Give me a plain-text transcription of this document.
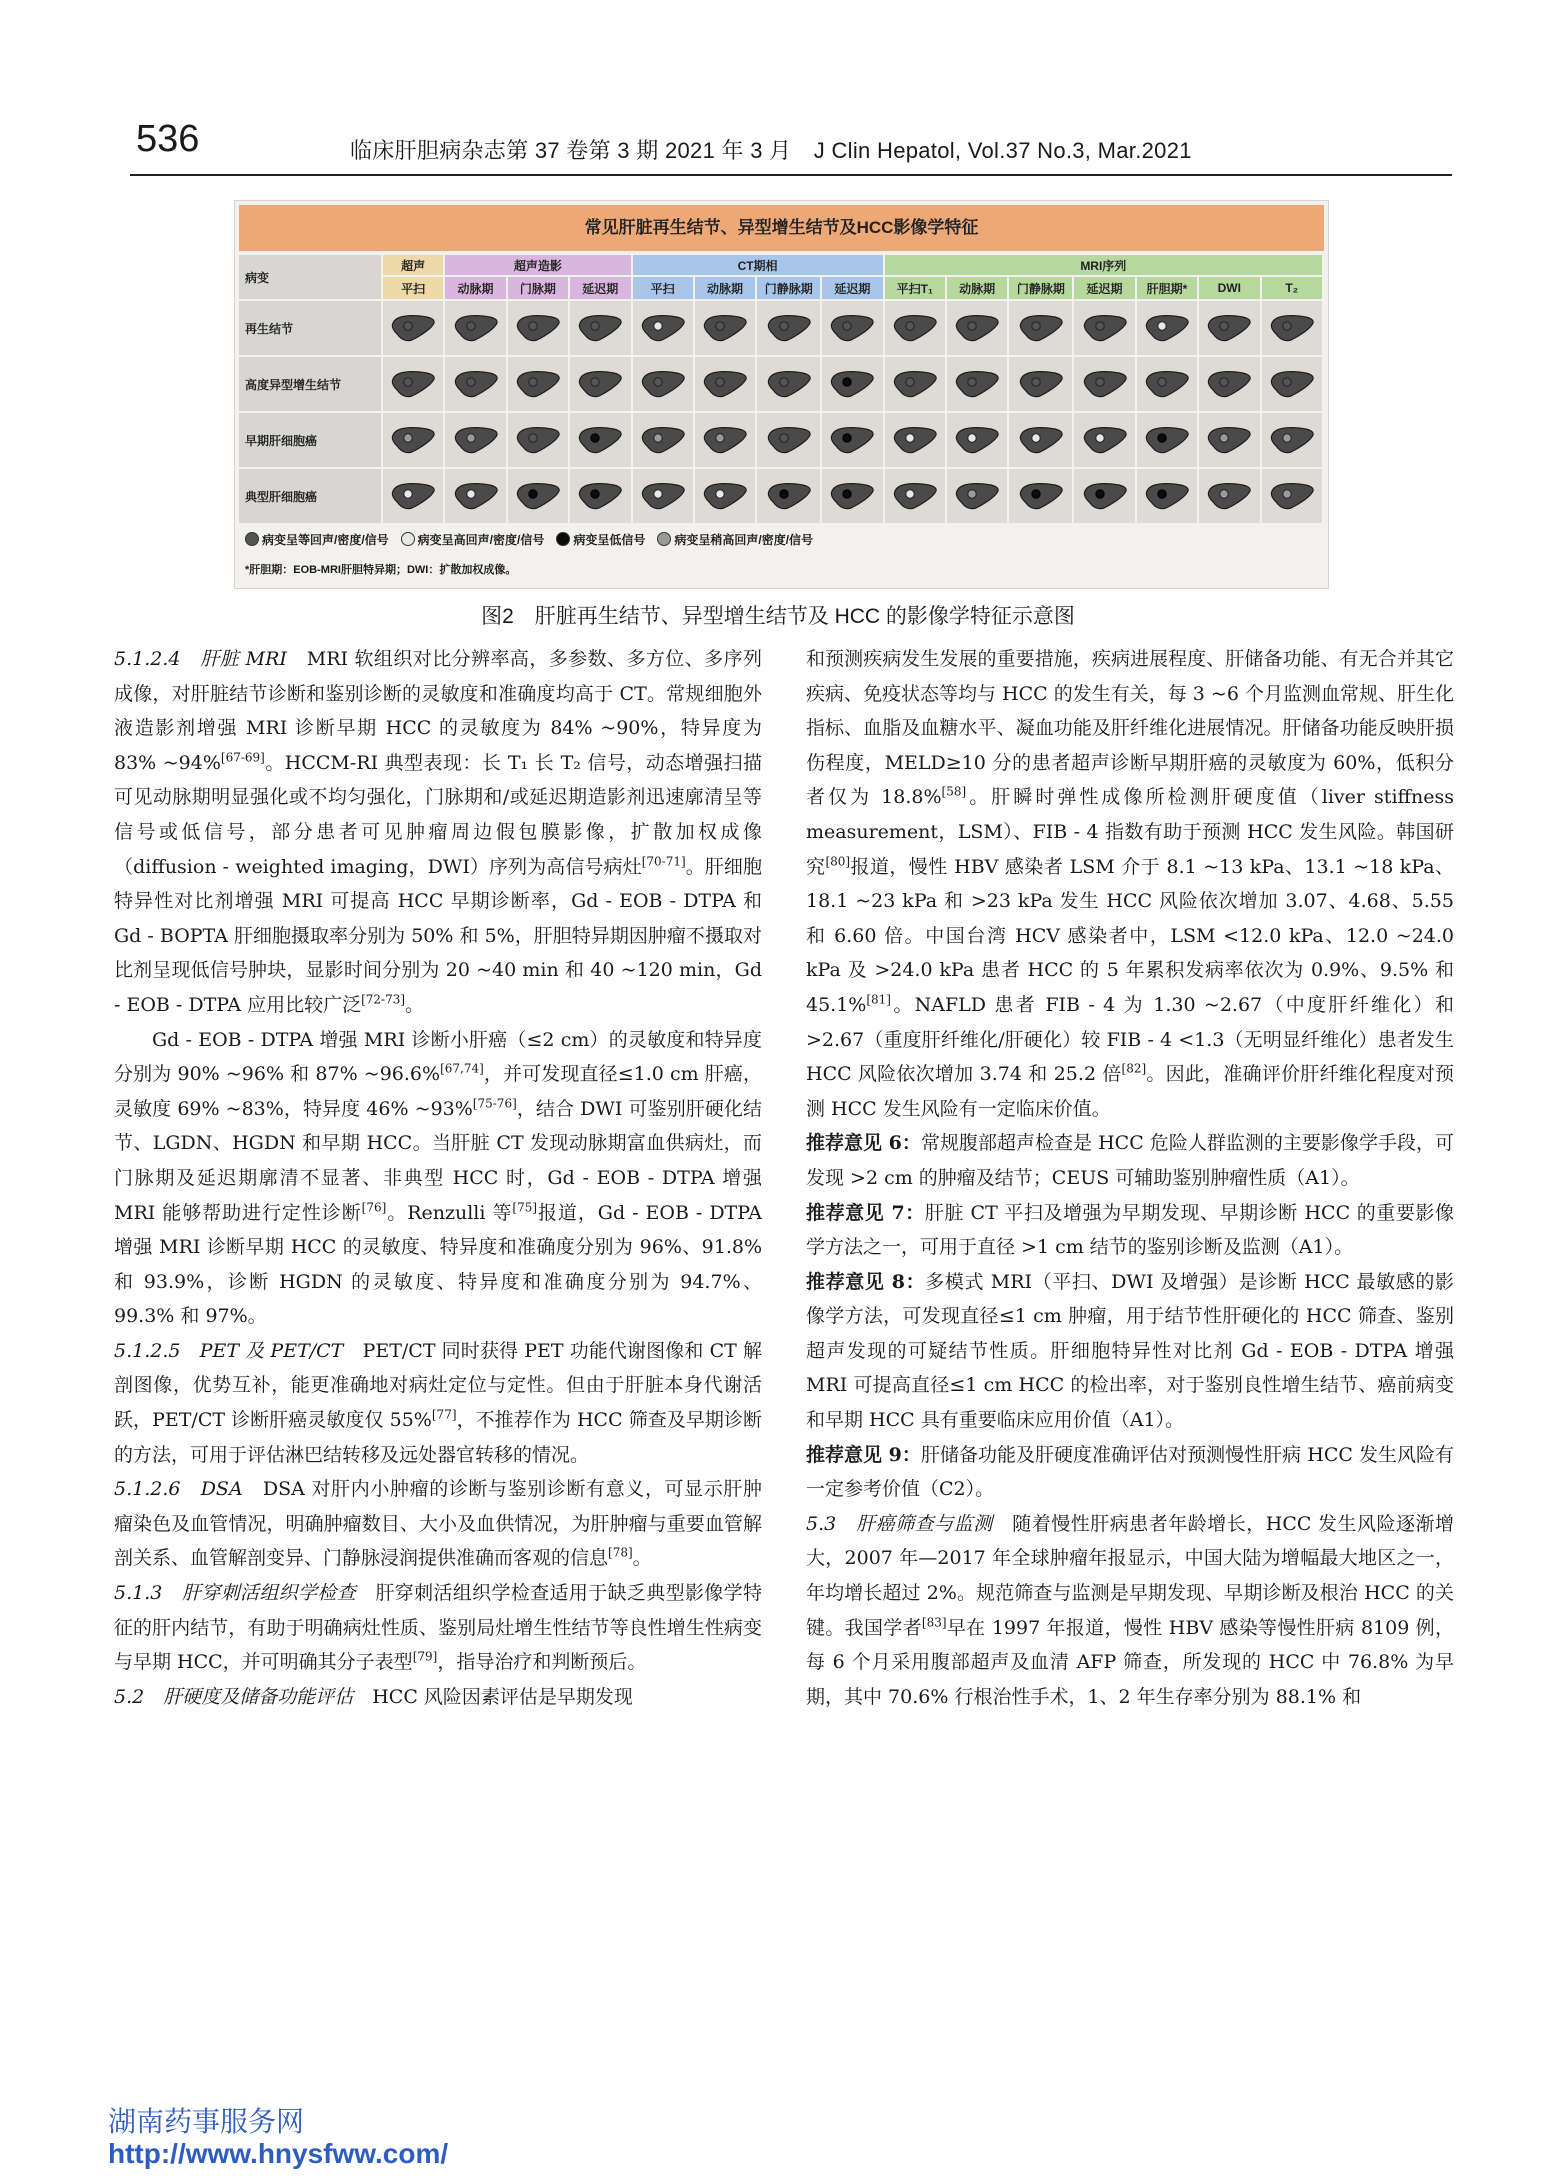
536	临床肝胆病杂志第 37 卷第 3 期 2021 年 3 月　J Clin Hepatol, Vol.37 No.3, Mar.2021
常见肝脏再生结节、异型增生结节及HCC影像学特征
病变	超声	超声造影			CT期相				MRI序列						
	平扫	动脉期	门脉期	延迟期	平扫	动脉期	门静脉期	延迟期	平扫T₁	动脉期	门静脉期	延迟期	肝胆期*	DWI	T₂
再生结节															
高度异型增生结节															
早期肝细胞癌															
典型肝细胞癌															
病变呈等回声/密度/信号 病变呈高回声/密度/信号 病变呈低信号 病变呈稍高回声/密度/信号
*肝胆期：EOB-MRI肝胆特异期；DWI：扩散加权成像。
图2　肝脏再生结节、异型增生结节及 HCC 的影像学特征示意图

5.1.2.4　肝脏 MRI　MRI 软组织对比分辨率高，多参数、多方位、多序列成像，对肝脏结节诊断和鉴别诊断的灵敏度和准确度均高于 CT。常规细胞外液造影剂增强 MRI 诊断早期 HCC 的灵敏度为 84% ~90%，特异度为 83% ~94%[67-69]。HCCM-RI 典型表现：长 T₁ 长 T₂ 信号，动态增强扫描可见动脉期明显强化或不均匀强化，门脉期和/或延迟期造影剂迅速廓清呈等信号或低信号，部分患者可见肿瘤周边假包膜影像，扩散加权成像（diffusion - weighted imaging，DWI）序列为高信号病灶[70-71]。肝细胞特异性对比剂增强 MRI 可提高 HCC 早期诊断率，Gd - EOB - DTPA 和 Gd - BOPTA 肝细胞摄取率分别为 50% 和 5%，肝胆特异期因肿瘤不摄取对比剂呈现低信号肿块，显影时间分别为 20 ~40 min 和 40 ~120 min，Gd - EOB - DTPA 应用比较广泛[72-73]。

Gd - EOB - DTPA 增强 MRI 诊断小肝癌（≤2 cm）的灵敏度和特异度分别为 90% ~96% 和 87% ~96.6%[67,74]，并可发现直径≤1.0 cm 肝癌，灵敏度 69% ~83%，特异度 46% ~93%[75-76]，结合 DWI 可鉴别肝硬化结节、LGDN、HGDN 和早期 HCC。当肝脏 CT 发现动脉期富血供病灶，而门脉期及延迟期廓清不显著、非典型 HCC 时，Gd - EOB - DTPA 增强 MRI 能够帮助进行定性诊断[76]。Renzulli 等[75]报道，Gd - EOB - DTPA 增强 MRI 诊断早期 HCC 的灵敏度、特异度和准确度分别为 96%、91.8% 和 93.9%，诊断 HGDN 的灵敏度、特异度和准确度分别为 94.7%、99.3% 和 97%。

5.1.2.5　PET 及 PET/CT　PET/CT 同时获得 PET 功能代谢图像和 CT 解剖图像，优势互补，能更准确地对病灶定位与定性。但由于肝脏本身代谢活跃，PET/CT 诊断肝癌灵敏度仅 55%[77]，不推荐作为 HCC 筛查及早期诊断的方法，可用于评估淋巴结转移及远处器官转移的情况。

5.1.2.6　DSA　DSA 对肝内小肿瘤的诊断与鉴别诊断有意义，可显示肝肿瘤染色及血管情况，明确肿瘤数目、大小及血供情况，为肝肿瘤与重要血管解剖关系、血管解剖变异、门静脉浸润提供准确而客观的信息[78]。

5.1.3　肝穿刺活组织学检查　肝穿刺活组织学检查适用于缺乏典型影像学特征的肝内结节，有助于明确病灶性质、鉴别局灶增生性结节等良性增生性病变与早期 HCC，并可明确其分子表型[79]，指导治疗和判断预后。

5.2　肝硬度及储备功能评估　HCC 风险因素评估是早期发现

和预测疾病发生发展的重要措施，疾病进展程度、肝储备功能、有无合并其它疾病、免疫状态等均与 HCC 的发生有关，每 3 ~6 个月监测血常规、肝生化指标、血脂及血糖水平、凝血功能及肝纤维化进展情况。肝储备功能反映肝损伤程度，MELD≥10 分的患者超声诊断早期肝癌的灵敏度为 60%，低积分者仅为 18.8%[58]。肝瞬时弹性成像所检测肝硬度值（liver stiffness measurement，LSM）、FIB - 4 指数有助于预测 HCC 发生风险。韩国研究[80]报道，慢性 HBV 感染者 LSM 介于 8.1 ~13 kPa、13.1 ~18 kPa、18.1 ~23 kPa 和 >23 kPa 发生 HCC 风险依次增加 3.07、4.68、5.55 和 6.60 倍。中国台湾 HCV 感染者中，LSM <12.0 kPa、12.0 ~24.0 kPa 及 >24.0 kPa 患者 HCC 的 5 年累积发病率依次为 0.9%、9.5% 和 45.1%[81]。NAFLD 患者 FIB - 4 为 1.30 ~2.67（中度肝纤维化）和 >2.67（重度肝纤维化/肝硬化）较 FIB - 4 <1.3（无明显纤维化）患者发生 HCC 风险依次增加 3.74 和 25.2 倍[82]。因此，准确评价肝纤维化程度对预测 HCC 发生风险有一定临床价值。

推荐意见 6：常规腹部超声检查是 HCC 危险人群监测的主要影像学手段，可发现 >2 cm 的肿瘤及结节；CEUS 可辅助鉴别肿瘤性质（A1）。

推荐意见 7：肝脏 CT 平扫及增强为早期发现、早期诊断 HCC 的重要影像学方法之一，可用于直径 >1 cm 结节的鉴别诊断及监测（A1）。

推荐意见 8：多模式 MRI（平扫、DWI 及增强）是诊断 HCC 最敏感的影像学方法，可发现直径≤1 cm 肿瘤，用于结节性肝硬化的 HCC 筛查、鉴别超声发现的可疑结节性质。肝细胞特异性对比剂 Gd - EOB - DTPA 增强 MRI 可提高直径≤1 cm HCC 的检出率，对于鉴别良性增生结节、癌前病变和早期 HCC 具有重要临床应用价值（A1）。

推荐意见 9：肝储备功能及肝硬度准确评估对预测慢性肝病 HCC 发生风险有一定参考价值（C2）。

5.3　肝癌筛查与监测　随着慢性肝病患者年龄增长，HCC 发生风险逐渐增大，2007 年—2017 年全球肿瘤年报显示，中国大陆为增幅最大地区之一，年均增长超过 2%。规范筛查与监测是早期发现、早期诊断及根治 HCC 的关键。我国学者[83]早在 1997 年报道，慢性 HBV 感染等慢性肝病 8109 例，每 6 个月采用腹部超声及血清 AFP 筛查，所发现的 HCC 中 76.8% 为早期，其中 70.6% 行根治性手术，1、2 年生存率分别为 88.1% 和

湖南药事服务网
http://www.hnysfww.com/
